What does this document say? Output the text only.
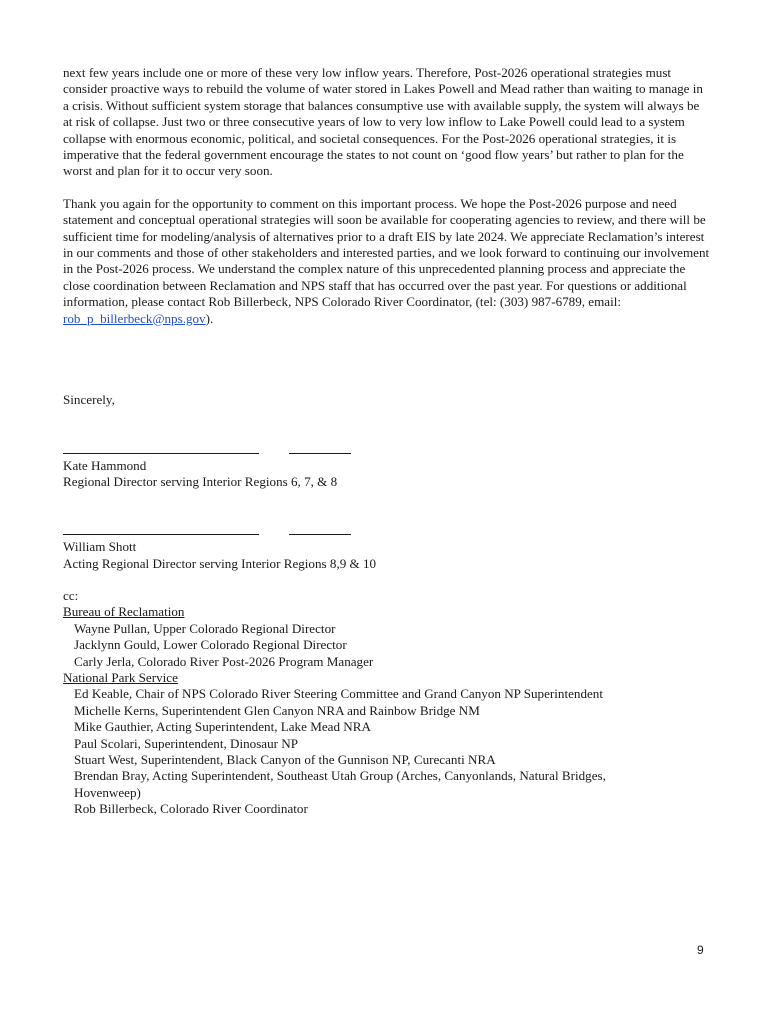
next few years include one or more of these very low inflow years. Therefore, Post-2026 operational strategies must consider proactive ways to rebuild the volume of water stored in Lakes Powell and Mead rather than waiting to manage in a crisis. Without sufficient system storage that balances consumptive use with available supply, the system will always be at risk of collapse. Just two or three consecutive years of low to very low inflow to Lake Powell could lead to a system collapse with enormous economic, political, and societal consequences. For the Post-2026 operational strategies, it is imperative that the federal government encourage the states to not count on ‘good flow years’ but rather to plan for the worst and plan for it to occur very soon.

Thank you again for the opportunity to comment on this important process. We hope the Post-2026 purpose and need statement and conceptual operational strategies will soon be available for cooperating agencies to review, and there will be sufficient time for modeling/analysis of alternatives prior to a draft EIS by late 2024. We appreciate Reclamation’s interest in our comments and those of other stakeholders and interested parties, and we look forward to continuing our involvement in the Post-2026 process. We understand the complex nature of this unprecedented planning process and appreciate the close coordination between Reclamation and NPS staff that has occurred over the past year. For questions or additional information, please contact Rob Billerbeck, NPS Colorado River Coordinator, (tel: (303) 987-6789, email: rob_p_billerbeck@nps.gov).

Sincerely,

Kate Hammond

Regional Director serving Interior Regions 6, 7, & 8

William Shott

Acting Regional Director serving Interior Regions 8,9 & 10

cc:

Bureau of Reclamation

Wayne Pullan, Upper Colorado Regional Director

Jacklynn Gould, Lower Colorado Regional Director

Carly Jerla, Colorado River Post-2026 Program Manager

National Park Service

Ed Keable, Chair of NPS Colorado River Steering Committee and Grand Canyon NP Superintendent

Michelle Kerns, Superintendent Glen Canyon NRA and Rainbow Bridge NM

Mike Gauthier, Acting Superintendent, Lake Mead NRA

Paul Scolari, Superintendent, Dinosaur NP

Stuart West, Superintendent, Black Canyon of the Gunnison NP, Curecanti NRA

Brendan Bray, Acting Superintendent, Southeast Utah Group (Arches, Canyonlands, Natural Bridges,

Hovenweep)

Rob Billerbeck, Colorado River Coordinator

9
